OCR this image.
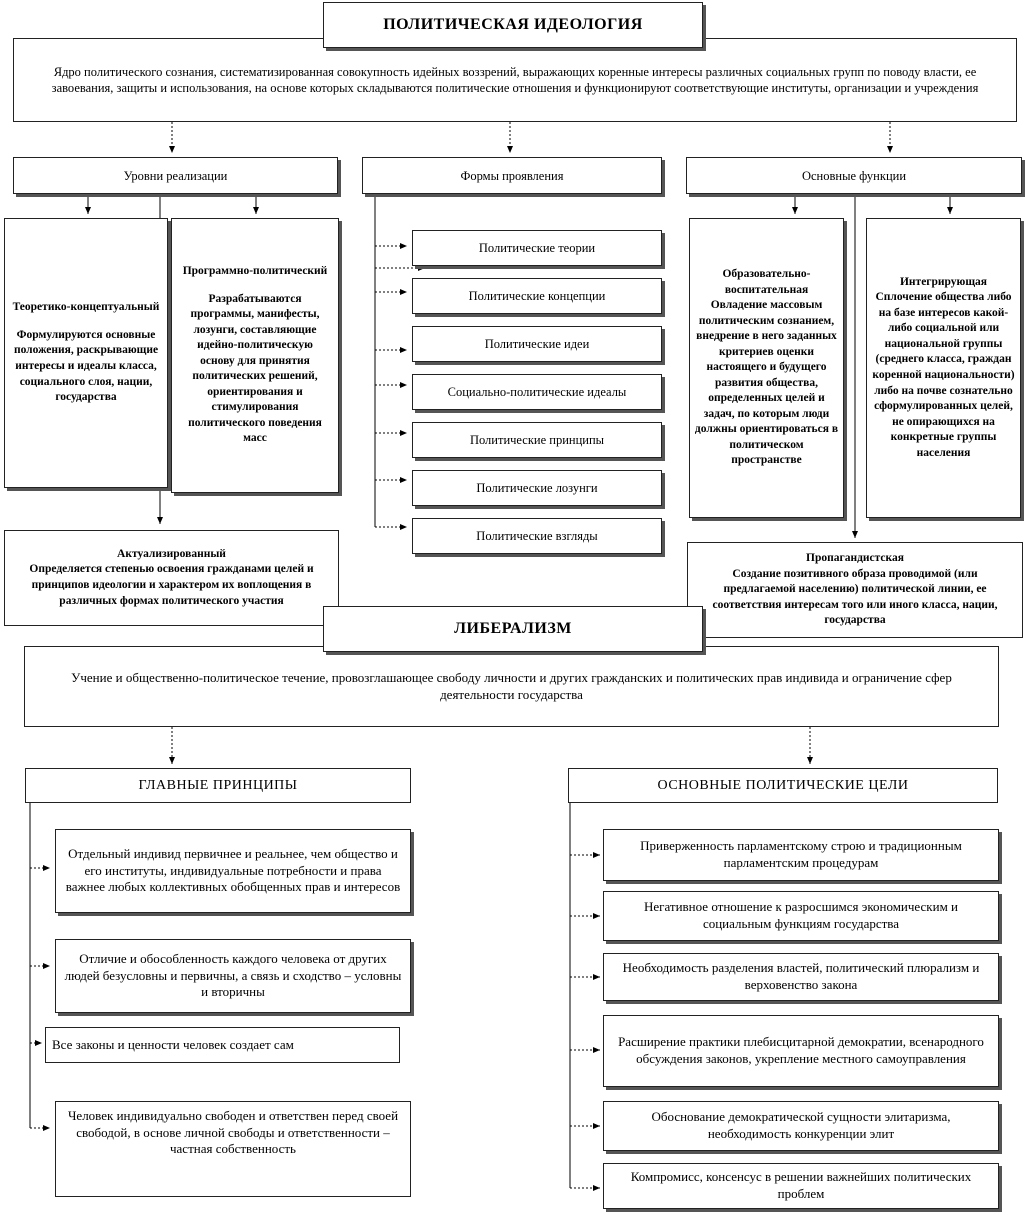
Ядро политического сознания, систематизированная совокупность идейных воззрений, выражающих коренные интересы различных социальных групп по поводу власти, ее завоевания, защиты и использования, на основе которых складываются политические отношения и функционируют соответствующие институты, организации и учреждения
ПОЛИТИЧЕСКАЯ ИДЕОЛОГИЯ
Уровни реализации	Формы проявления	Основные функции
Теоретико-концептуальный
Формулируются основные положения, раскрывающие интересы и идеалы класса, социального слоя, нации, государства
Программно-политический
Разрабатываются программы, манифесты, лозунги, составляющие идейно-политическую основу для принятия политических решений, ориентирования и стимулирования политического поведения масс
Актуализированный
Определяется степенью освоения гражданами целей и принципов идеологии и характером их воплощения в различных формах политического участия
Политические теории
Политические концепции
Политические идеи
Социально-политические идеалы
Политические принципы
Политические лозунги
Политические взгляды
Образовательно-воспитательная
Овладение массовым политическим сознанием, внедрение в него заданных критериев оценки настоящего и будущего развития общества, определенных целей и задач, по которым люди должны ориентироваться в политическом пространстве
Интегрирующая
Сплочение общества либо на базе интересов какой-либо социальной или национальной группы (среднего класса, граждан коренной национальности) либо на почве сознательно сформулированных целей, не опирающихся на конкретные группы населения
Пропагандистская
Создание позитивного образа проводимой (или предлагаемой населению) политической линии, ее соответствия интересам того или иного класса, нации, государства
Учение и общественно-политическое течение, провозглашающее свободу личности и других гражданских и политических прав индивида и ограничение сфер деятельности государства
ЛИБЕРАЛИЗМ
ГЛАВНЫЕ ПРИНЦИПЫ
Отдельный индивид первичнее и реальнее, чем общество и его институты, индивидуальные потребности и права важнее любых коллективных обобщенных прав и интересов
Отличие и обособленность каждого человека от других людей безусловны и первичны, а связь и сходство – условны и вторичны
Все законы и ценности человек создает сам
Человек индивидуально свободен и ответствен перед своей свободой, в основе личной свободы и ответственности – частная собственность
ОСНОВНЫЕ ПОЛИТИЧЕСКИЕ ЦЕЛИ
Приверженность парламентскому строю и традиционным парламентским процедурам
Негативное отношение к разросшимся экономическим и социальным функциям государства
Необходимость разделения властей, политический плюрализм и верховенство закона
Расширение практики плебисцитарной демократии, всенародного обсуждения законов, укрепление местного самоуправления
Обоснование демократической сущности элитаризма, необходимость конкуренции элит
Компромисс, консенсус в решении важнейших политических проблем
